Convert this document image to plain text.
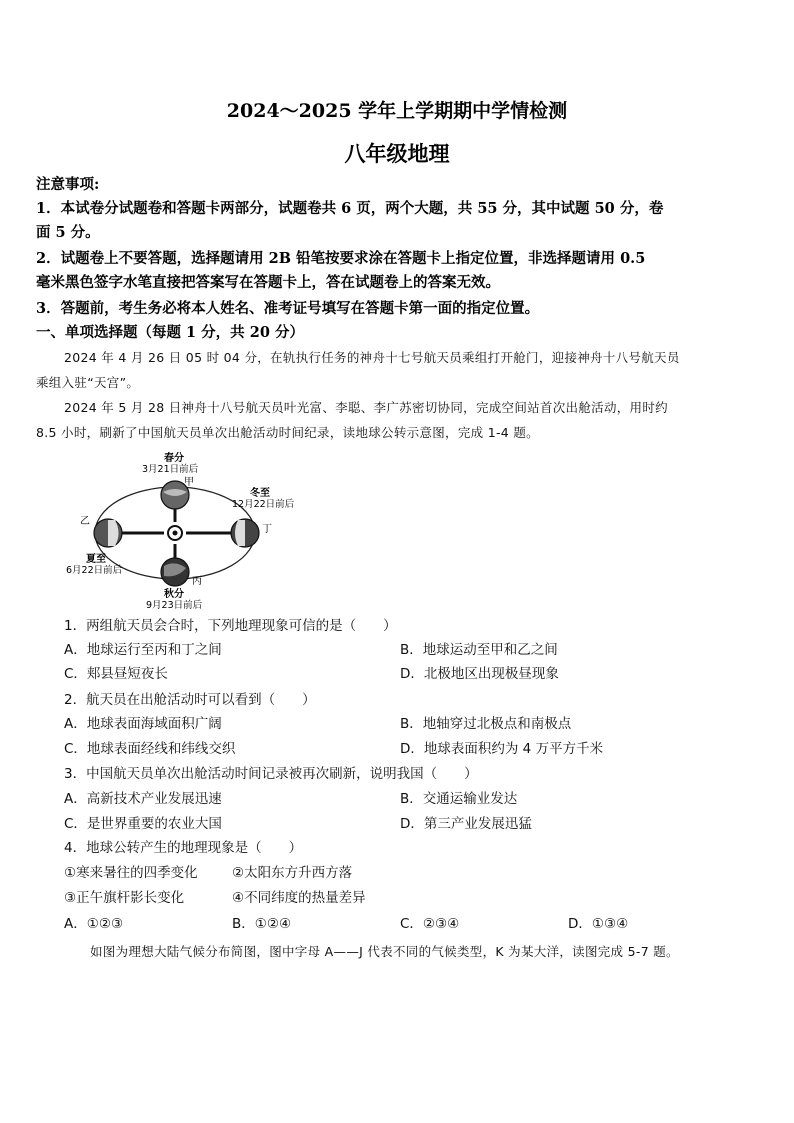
2024～2025 学年上学期期中学情检测
八年级地理
注意事项:
1．本试卷分试题卷和答题卡两部分，试题卷共 6 页，两个大题，共 55 分，其中试题 50 分，卷
面 5 分。
2．试题卷上不要答题，选择题请用 2B 铅笔按要求涂在答题卡上指定位置，非选择题请用 0.5
毫米黑色签字水笔直接把答案写在答题卡上，答在试题卷上的答案无效。
3．答题前，考生务必将本人姓名、准考证号填写在答题卡第一面的指定位置。
一、单项选择题（每题 1 分，共 20 分）
2024 年 4 月 26 日 05 时 04 分，在轨执行任务的神舟十七号航天员乘组打开舱门，迎接神舟十八号航天员
乘组入驻“天宫”。
2024 年 5 月 28 日神舟十八号航天员叶光富、李聪、李广苏密切协同，完成空间站首次出舱活动，用时约
8.5 小时，刷新了中国航天员单次出舱活动时间纪录，读地球公转示意图，完成 1-4 题。
春分
3月21日前后
甲
冬至
12月22日前后
丁
乙
夏至
6月22日前后
丙
秋分
9月23日前后
1．两组航天员会合时，下列地理现象可信的是（　　）
A．地球运行至丙和丁之间	B．地球运动至甲和乙之间
C．郏县昼短夜长	D．北极地区出现极昼现象
2．航天员在出舱活动时可以看到（　　）
A．地球表面海域面积广阔	B．地轴穿过北极点和南极点
C．地球表面经线和纬线交织	D．地球表面积约为 4 万平方千米
3．中国航天员单次出舱活动时间记录被再次刷新，说明我国（　　）
A．高新技术产业发展迅速	B．交通运输业发达
C．是世界重要的农业大国	D．第三产业发展迅猛
4．地球公转产生的地理现象是（　　）
①寒来暑往的四季变化	②太阳东方升西方落
③正午旗杆影长变化	④不同纬度的热量差异
A．①②③	B．①②④	C．②③④	D．①③④
如图为理想大陆气候分布简图，图中字母 A——J 代表不同的气候类型，K 为某大洋，读图完成 5-7 题。
